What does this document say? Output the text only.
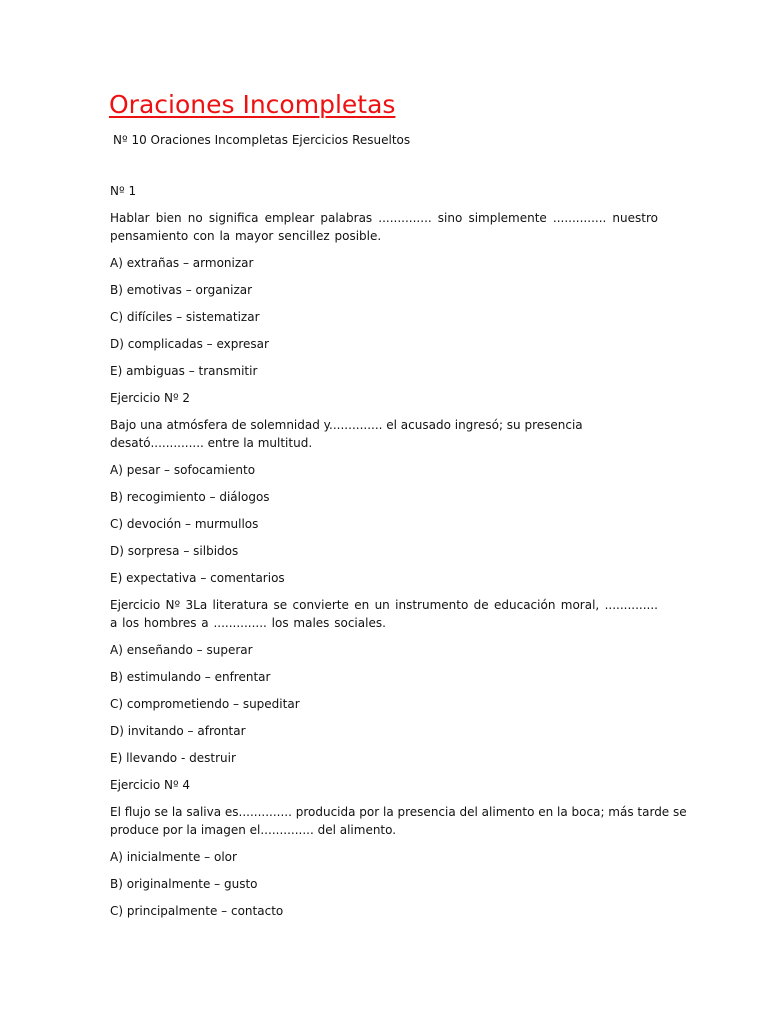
Oraciones Incompletas
Nº 10 Oraciones Incompletas Ejercicios Resueltos
Nº 1
Hablar bien no significa emplear palabras .............. sino simplemente .............. nuestro pensamiento con la mayor sencillez posible.
A) extrañas – armonizar
B) emotivas – organizar
C) difíciles – sistematizar
D) complicadas – expresar
E) ambiguas – transmitir
Ejercicio Nº 2
Bajo una atmósfera de solemnidad y.............. el acusado ingresó; su presencia
desató.............. entre la multitud.
A) pesar – sofocamiento
B) recogimiento – diálogos
C) devoción – murmullos
D) sorpresa – silbidos
E) expectativa – comentarios
Ejercicio Nº 3La literatura se convierte en un instrumento de educación moral, .............. a los hombres a .............. los males sociales.
A) enseñando – superar
B) estimulando – enfrentar
C) comprometiendo – supeditar
D) invitando – afrontar
E) llevando - destruir
Ejercicio Nº 4
El flujo se la saliva es.............. producida por la presencia del alimento en la boca; más tarde se
produce por la imagen el.............. del alimento.
A) inicialmente – olor
B) originalmente – gusto
C) principalmente – contacto
